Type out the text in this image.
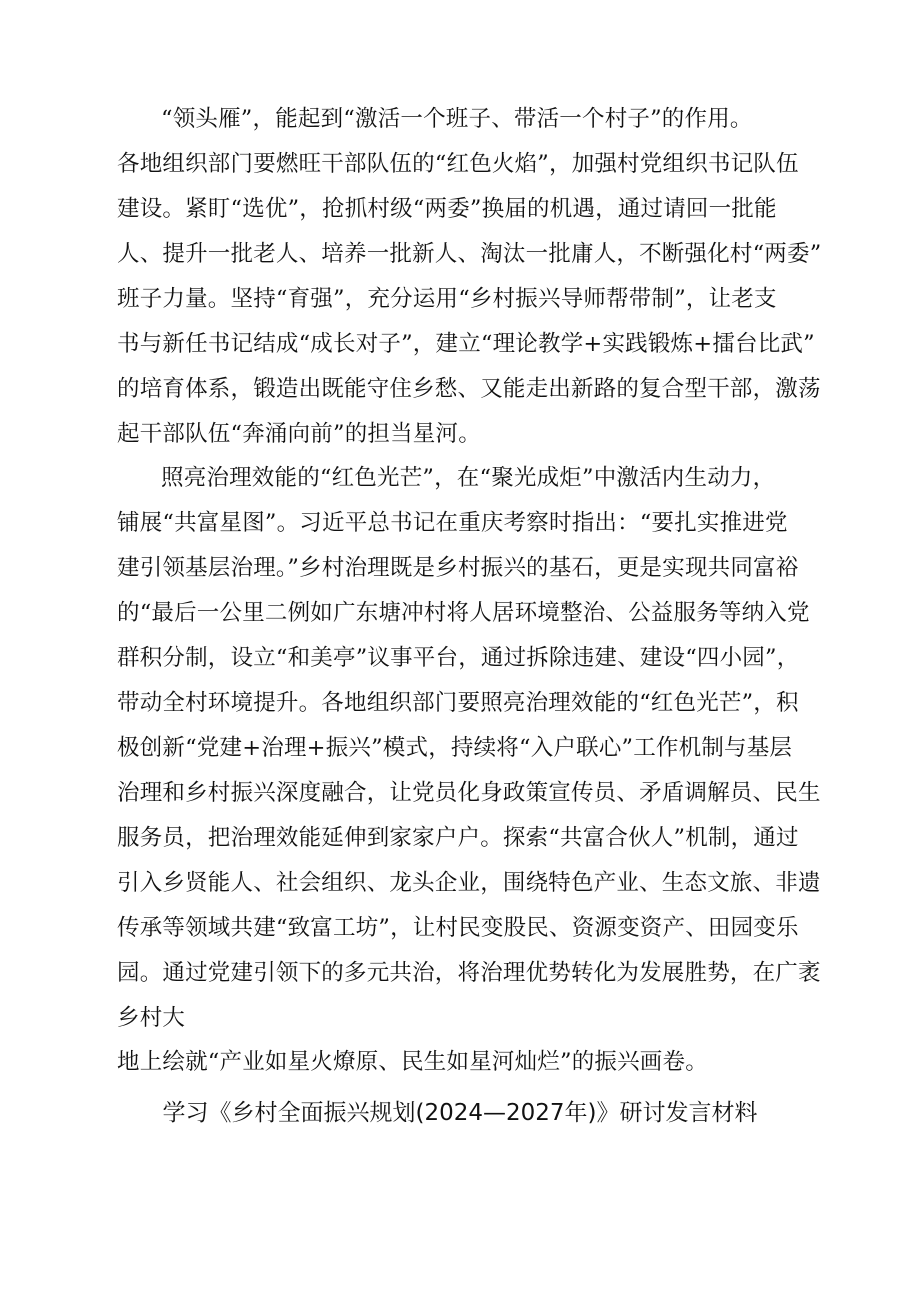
“领头雁”，能起到“激活一个班子、带活一个村子”的作用。
各地组织部门要燃旺干部队伍的“红色火焰”，加强村党组织书记队伍
建设。紧盯“选优”，抢抓村级“两委”换届的机遇，通过请回一批能
人、提升一批老人、培养一批新人、淘汰一批庸人，不断强化村“两委”
班子力量。坚持“育强”，充分运用“乡村振兴导师帮带制”，让老支
书与新任书记结成“成长对子”，建立“理论教学+实践锻炼+擂台比武”
的培育体系，锻造出既能守住乡愁、又能走出新路的复合型干部，激荡
起干部队伍“奔涌向前”的担当星河。
照亮治理效能的“红色光芒”，在“聚光成炬”中激活内生动力，
铺展“共富星图”。习近平总书记在重庆考察时指出：“要扎实推进党
建引领基层治理。”乡村治理既是乡村振兴的基石，更是实现共同富裕
的“最后一公里二例如广东塘冲村将人居环境整治、公益服务等纳入党
群积分制，设立“和美亭”议事平台，通过拆除违建、建设“四小园”，
带动全村环境提升。各地组织部门要照亮治理效能的“红色光芒”，积
极创新“党建+治理+振兴”模式，持续将“入户联心”工作机制与基层
治理和乡村振兴深度融合，让党员化身政策宣传员、矛盾调解员、民生
服务员，把治理效能延伸到家家户户。探索“共富合伙人”机制，通过
引入乡贤能人、社会组织、龙头企业，围绕特色产业、生态文旅、非遗
传承等领域共建“致富工坊”，让村民变股民、资源变资产、田园变乐
园。通过党建引领下的多元共治，将治理优势转化为发展胜势，在广袤
乡村大
地上绘就“产业如星火燎原、民生如星河灿烂”的振兴画卷。
学习《乡村全面振兴规划(2024—2027年)》研讨发言材料
